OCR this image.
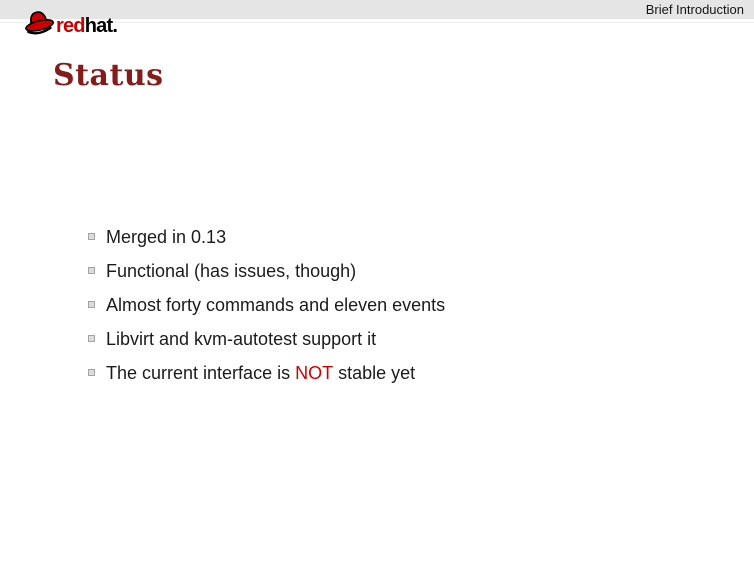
Brief Introduction
redhat.
Status
Merged in 0.13
Functional (has issues, though)
Almost forty commands and eleven events
Libvirt and kvm-autotest support it
The current interface is NOT stable yet
